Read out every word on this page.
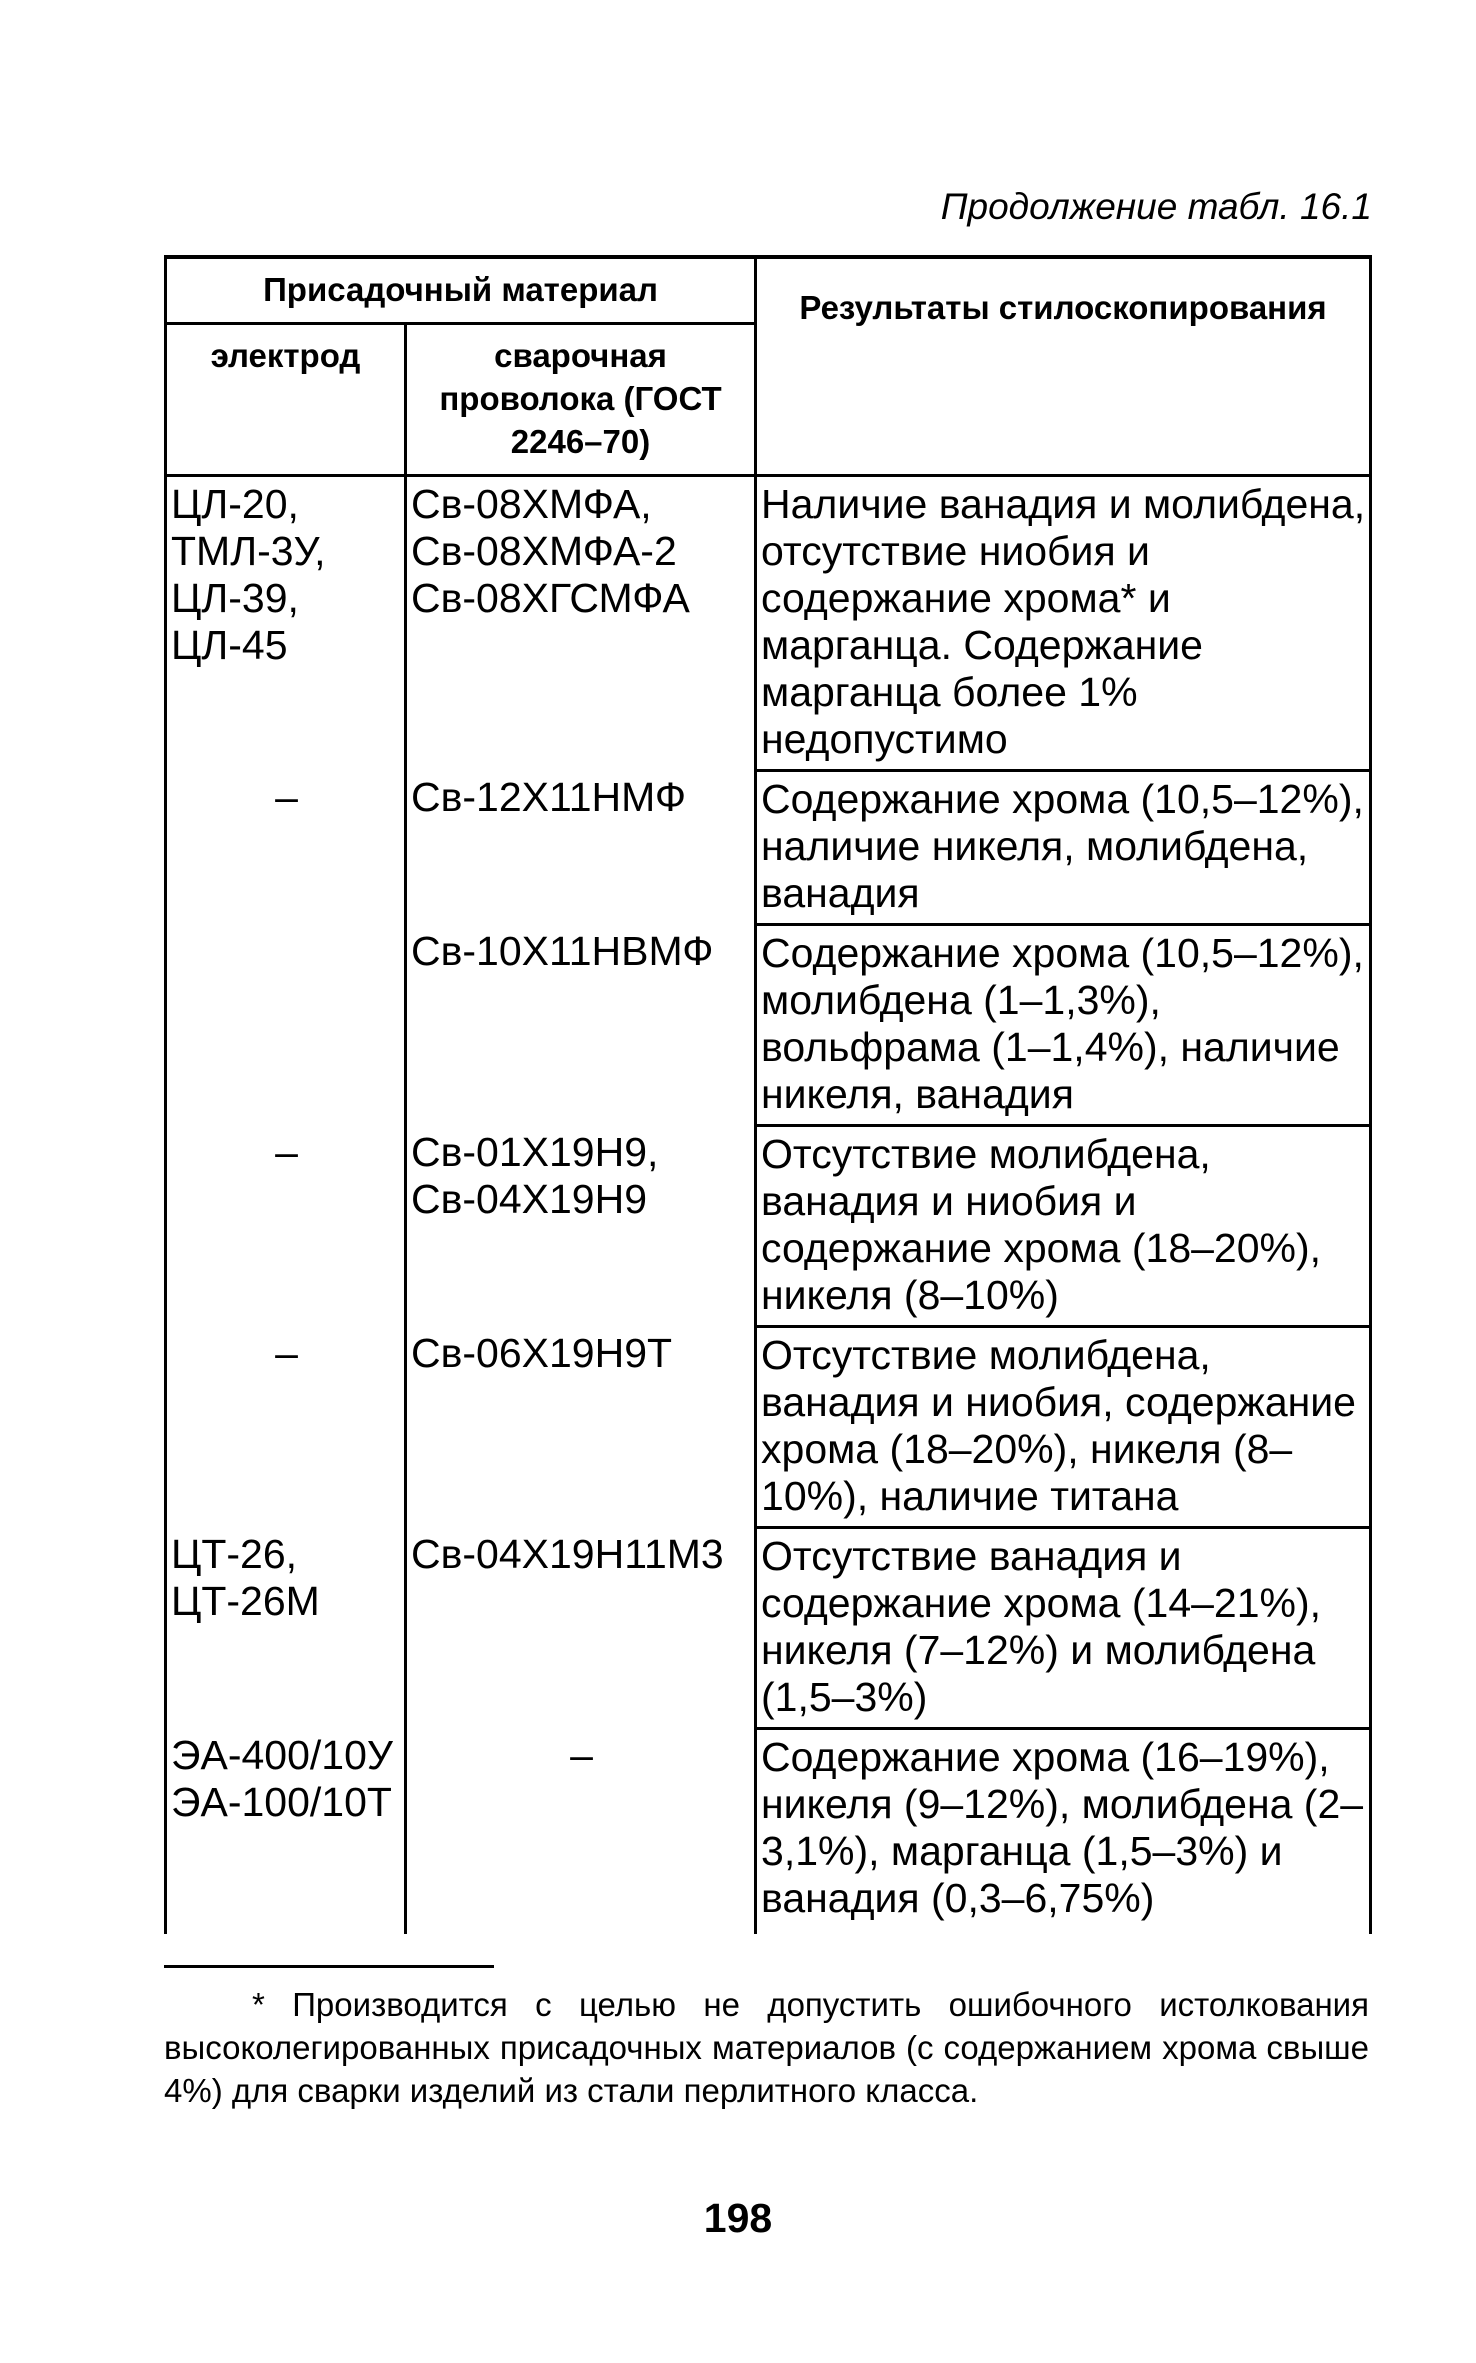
Продолжение табл. 16.1
Присадочный материал		Результаты стилоскопирования
электрод	сварочная проволока (ГОСТ 2246–70)	
ЦЛ-20, ТМЛ-3У, ЦЛ-39, ЦЛ-45	Св-08ХМФА, Св-08ХМФА-2 Св-08ХГСМФА	Наличие ванадия и молибдена, отсутствие ниобия и содержание хрома* и марганца. Содержание марганца более 1% недопустимо
–	Св-12Х11НМФ	Содержание хрома (10,5–12%), наличие никеля, молибдена, ванадия
	Св-10Х11НВМФ	Содержание хрома (10,5–12%), молибдена (1–1,3%), вольфрама (1–1,4%), наличие никеля, ванадия
–	Св-01Х19Н9, Св-04Х19Н9	Отсутствие молибдена, ванадия и ниобия и содержание хрома (18–20%), никеля (8–10%)
–	Св-06Х19Н9Т	Отсутствие молибдена, ванадия и ниобия, содержание хрома (18–20%), никеля (8–10%), наличие титана
ЦТ-26, ЦТ-26М	Св-04Х19Н11М3	Отсутствие ванадия и содержание хрома (14–21%), никеля (7–12%) и молибдена (1,5–3%)
ЭА-400/10У ЭА-100/10Т	–	Содержание хрома (16–19%), никеля (9–12%), молибдена (2–3,1%), марганца (1,5–3%) и ванадия (0,3–6,75%)
* Производится с целью не допустить ошибочного истолкования высоколегированных присадочных материалов (с содержанием хрома свыше 4%) для сварки изделий из стали перлитного класса.
198
